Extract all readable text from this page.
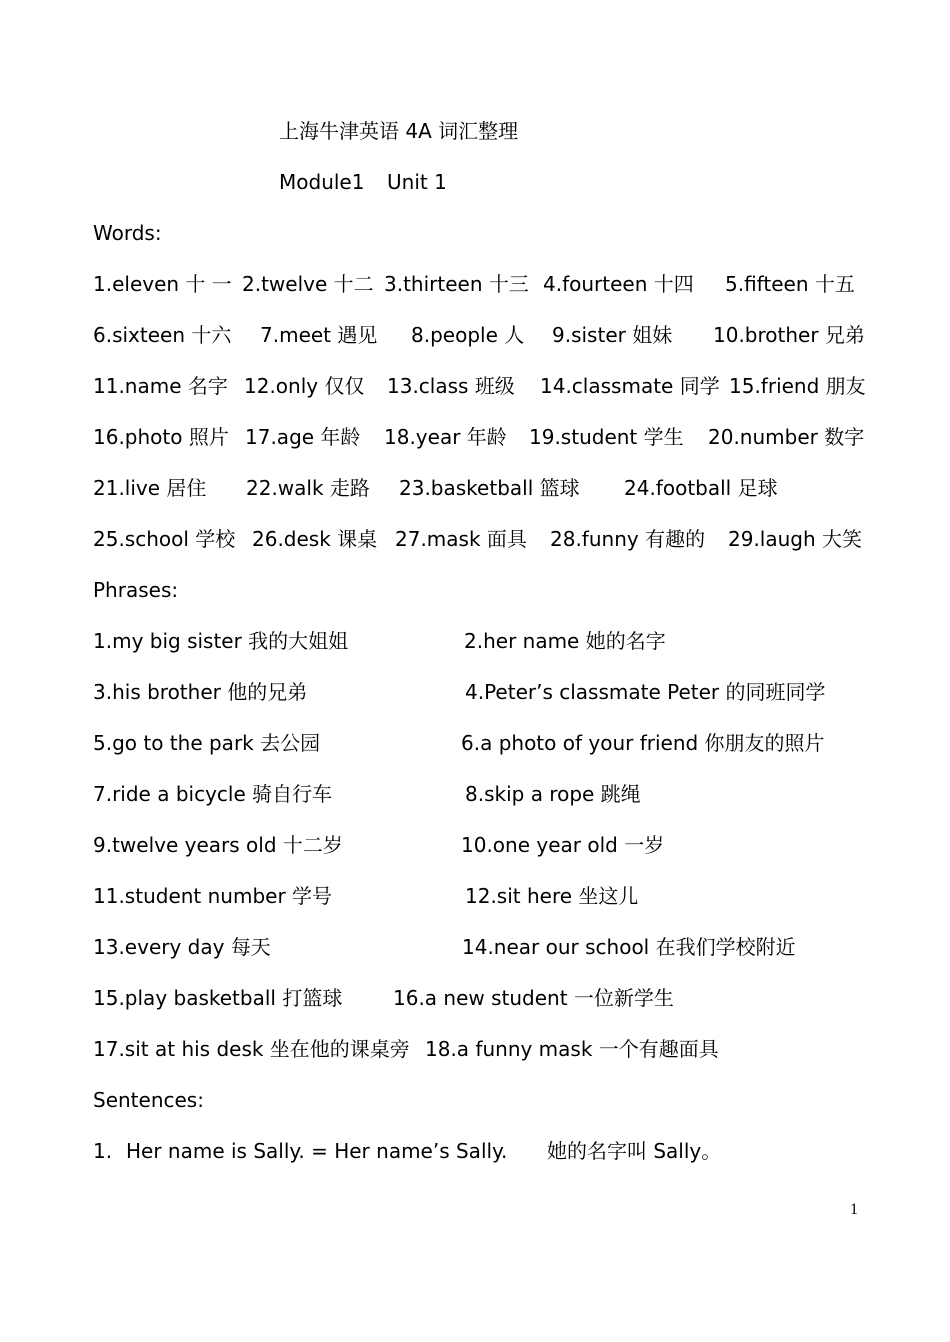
上海牛津英语 4A 词汇整理
Module1 Unit 1
Words:
1.eleven 十 一 2.twelve 十二 3.thirteen 十三 4.fourteen 十四 5.fifteen 十五
6.sixteen 十六 7.meet 遇见 8.people 人 9.sister 姐妹 10.brother 兄弟
11.name 名字 12.only 仅仅 13.class 班级 14.classmate 同学 15.friend 朋友
16.photo 照片 17.age 年龄 18.year 年龄 19.student 学生 20.number 数字
21.live 居住 22.walk 走路 23.basketball 篮球 24.football 足球
25.school 学校 26.desk 课桌 27.mask 面具 28.funny 有趣的 29.laugh 大笑
Phrases:
1.my big sister 我的大姐姐	2.her name 她的名字
3.his brother 他的兄弟	4.Peter’s classmate Peter 的同班同学
5.go to the park 去公园	6.a photo of your friend 你朋友的照片
7.ride a bicycle 骑自行车	8.skip a rope 跳绳
9.twelve years old 十二岁	10.one year old 一岁
11.student number 学号	12.sit here 坐这儿
13.every day 每天	14.near our school 在我们学校附近
15.play basketball 打篮球	16.a new student 一位新学生
17.sit at his desk 坐在他的课桌旁 18.a funny mask 一个有趣面具
Sentences:
1. Her name is Sally. = Her name’s Sally. 她的名字叫 Sally。
1
